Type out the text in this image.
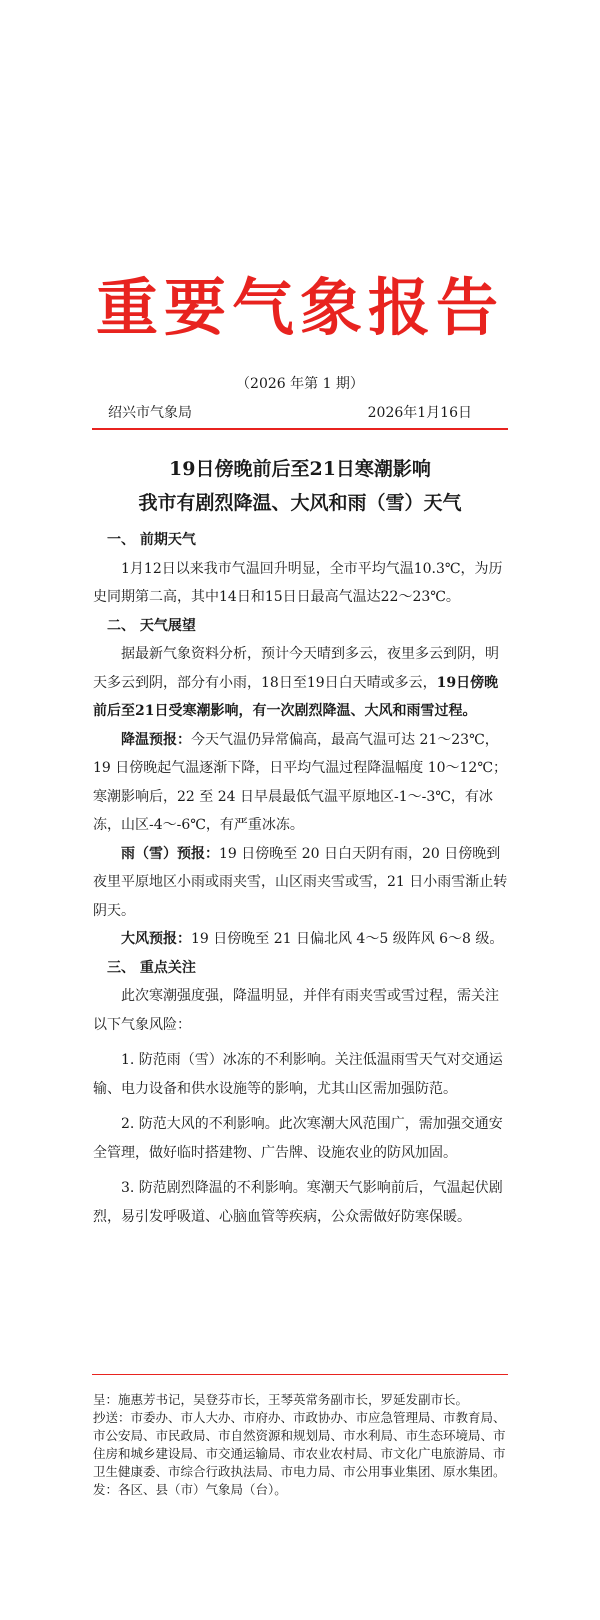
重要气象报告
（2026 年第 1 期）
绍兴市气象局	2026年1月16日
19日傍晚前后至21日寒潮影响
我市有剧烈降温、大风和雨（雪）天气

一、 前期天气

1月12日以来我市气温回升明显，全市平均气温10.3℃，为历史同期第二高，其中14日和15日日最高气温达22～23℃。

二、 天气展望

据最新气象资料分析，预计今天晴到多云，夜里多云到阴，明天多云到阴，部分有小雨，18日至19日白天晴或多云，19日傍晚前后至21日受寒潮影响，有一次剧烈降温、大风和雨雪过程。

降温预报：今天气温仍异常偏高，最高气温可达 21～23℃，19 日傍晚起气温逐渐下降，日平均气温过程降温幅度 10～12℃；寒潮影响后，22 至 24 日早晨最低气温平原地区-1～-3℃，有冰冻，山区-4～-6℃，有严重冰冻。

雨（雪）预报：19 日傍晚至 20 日白天阴有雨，20 日傍晚到夜里平原地区小雨或雨夹雪，山区雨夹雪或雪，21 日小雨雪渐止转阴天。

大风预报：19 日傍晚至 21 日偏北风 4～5 级阵风 6～8 级。

三、 重点关注

此次寒潮强度强，降温明显，并伴有雨夹雪或雪过程，需关注以下气象风险：

1. 防范雨（雪）冰冻的不利影响。关注低温雨雪天气对交通运输、电力设备和供水设施等的影响，尤其山区需加强防范。

2. 防范大风的不利影响。此次寒潮大风范围广，需加强交通安全管理，做好临时搭建物、广告牌、设施农业的防风加固。

3. 防范剧烈降温的不利影响。寒潮天气影响前后，气温起伏剧烈，易引发呼吸道、心脑血管等疾病，公众需做好防寒保暖。

呈：施惠芳书记，吴登芬市长，王琴英常务副市长，罗延发副市长。

抄送：市委办、市人大办、市府办、市政协办、市应急管理局、市教育局、市公安局、市民政局、市自然资源和规划局、市水利局、市生态环境局、市住房和城乡建设局、市交通运输局、市农业农村局、市文化广电旅游局、市卫生健康委、市综合行政执法局、市电力局、市公用事业集团、原水集团。

发：各区、县（市）气象局（台）。
